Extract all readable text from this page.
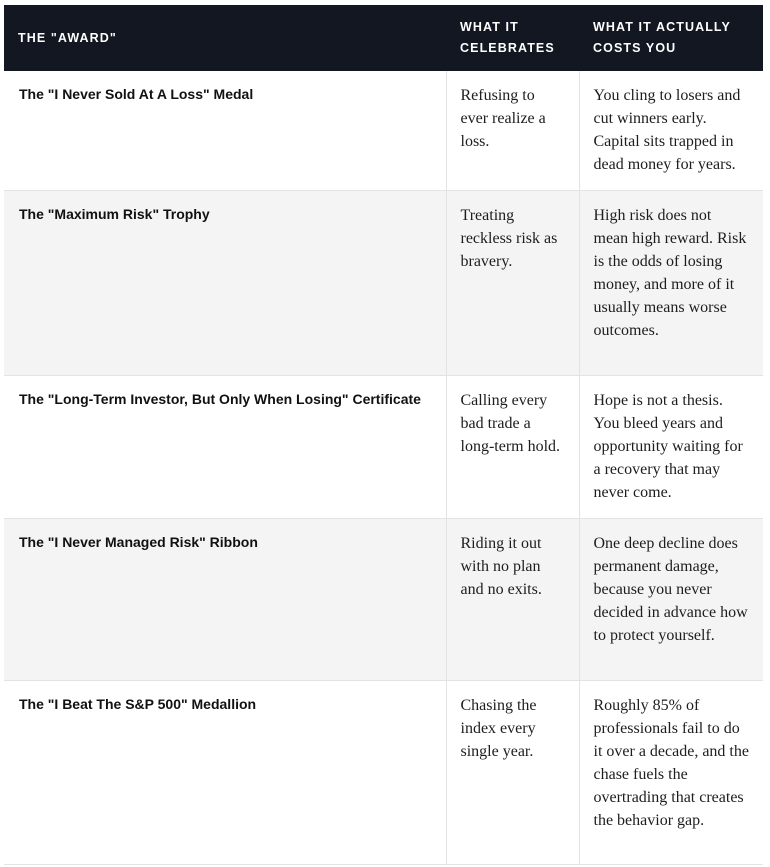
THE "AWARD"	WHAT IT CELEBRATES	WHAT IT ACTUALLY COSTS YOU
The "I Never Sold At A Loss" Medal	Refusing to ever realize a loss.	You cling to losers and cut winners early. Capital sits trapped in dead money for years.
The "Maximum Risk" Trophy	Treating reckless risk as bravery.	High risk does not mean high reward. Risk is the odds of losing money, and more of it usually means worse outcomes.
The "Long-Term Investor, But Only When Losing" Certificate	Calling every bad trade a long-term hold.	Hope is not a thesis. You bleed years and opportunity waiting for a recovery that may never come.
The "I Never Managed Risk" Ribbon	Riding it out with no plan and no exits.	One deep decline does permanent damage, because you never decided in advance how to protect yourself.
The "I Beat The S&P 500" Medallion	Chasing the index every single year.	Roughly 85% of professionals fail to do it over a decade, and the chase fuels the overtrading that creates the behavior gap.
